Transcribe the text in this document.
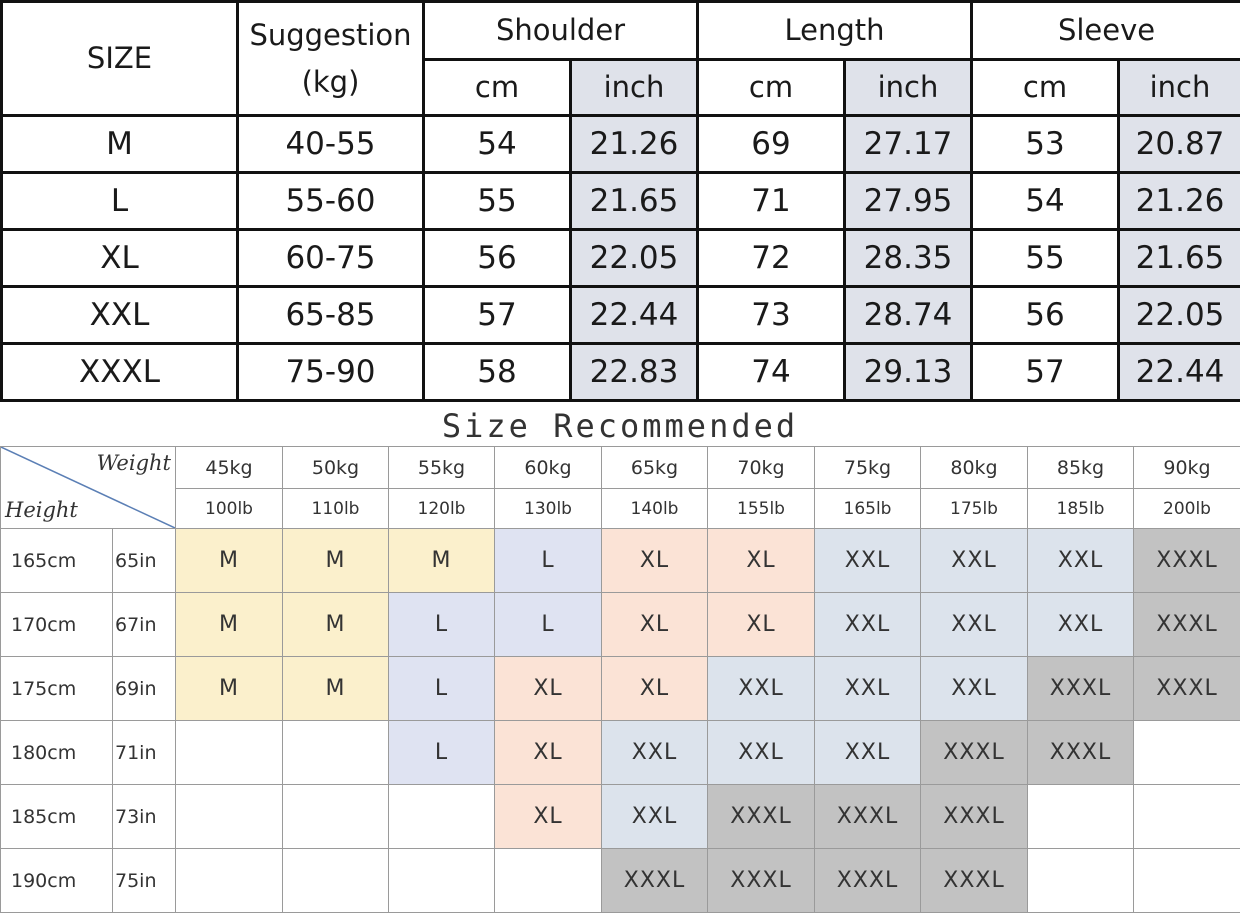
SIZE	Suggestion
(kg)	Shoulder		Length		Sleeve	
		cm	inch	cm	inch	cm	inch
M	40-55	54	21.26	69	27.17	53	20.87
L	55-60	55	21.65	71	27.95	54	21.26
XL	60-75	56	22.05	72	28.35	55	21.65
XXL	65-85	57	22.44	73	28.74	56	22.05
XXXL	75-90	58	22.83	74	29.13	57	22.44
Size Recommended
Weight
Height		45kg	50kg	55kg	60kg	65kg	70kg	75kg	80kg	85kg	90kg
		100lb	110lb	120lb	130lb	140lb	155lb	165lb	175lb	185lb	200lb
165cm	65in	M	M	M	L	XL	XL	XXL	XXL	XXL	XXXL
170cm	67in	M	M	L	L	XL	XL	XXL	XXL	XXL	XXXL
175cm	69in	M	M	L	XL	XL	XXL	XXL	XXL	XXXL	XXXL
180cm	71in			L	XL	XXL	XXL	XXL	XXXL	XXXL	
185cm	73in				XL	XXL	XXXL	XXXL	XXXL		
190cm	75in					XXXL	XXXL	XXXL	XXXL		
